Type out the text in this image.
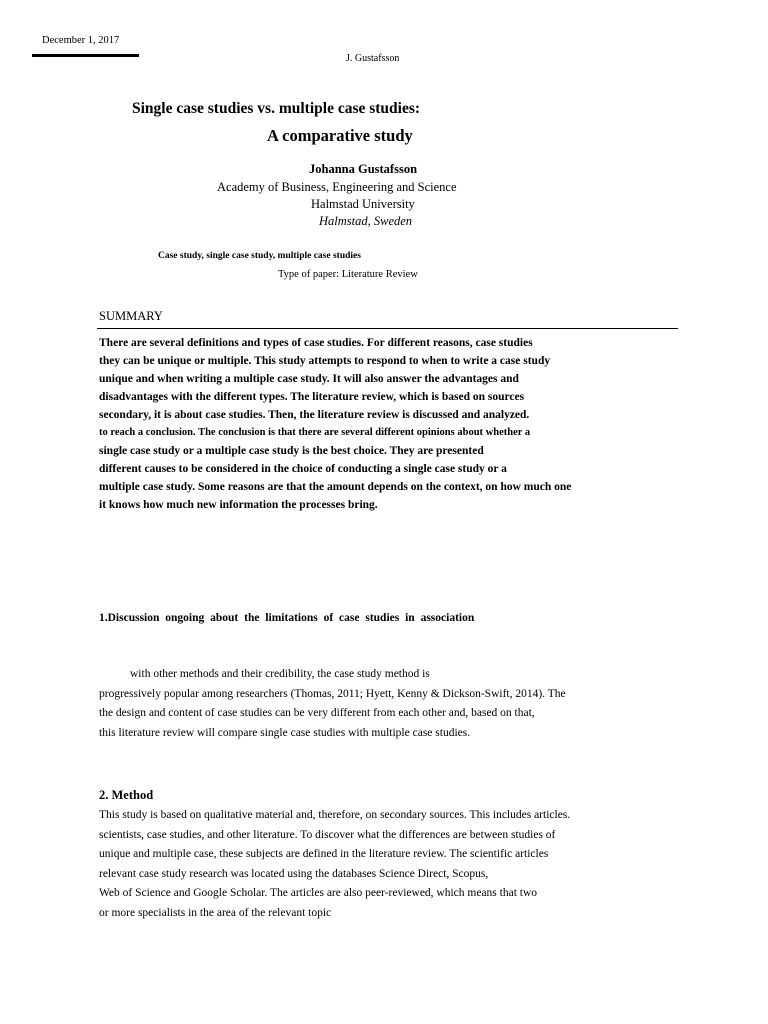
December 1, 2017
J. Gustafsson
Single case studies vs. multiple case studies:
A comparative study
Johanna Gustafsson
Academy of Business, Engineering and Science
Halmstad University
Halmstad, Sweden
Case study, single case study, multiple case studies
Type of paper: Literature Review
SUMMARY
There are several definitions and types of case studies. For different reasons, case studies
they can be unique or multiple. This study attempts to respond to when to write a case study
unique and when writing a multiple case study. It will also answer the advantages and
disadvantages with the different types. The literature review, which is based on sources
secondary, it is about case studies. Then, the literature review is discussed and analyzed.
to reach a conclusion. The conclusion is that there are several different opinions about whether a
single case study or a multiple case study is the best choice. They are presented
different causes to be considered in the choice of conducting a single case study or a
multiple case study. Some reasons are that the amount depends on the context, on how much one
it knows how much new information the processes bring.
1.Discussion ongoing about the limitations of case studies in association
with other methods and their credibility, the case study method is
progressively popular among researchers (Thomas, 2011; Hyett, Kenny & Dickson-Swift, 2014). The
the design and content of case studies can be very different from each other and, based on that,
this literature review will compare single case studies with multiple case studies.
2. Method
This study is based on qualitative material and, therefore, on secondary sources. This includes articles.
scientists, case studies, and other literature. To discover what the differences are between studies of
unique and multiple case, these subjects are defined in the literature review. The scientific articles
relevant case study research was located using the databases Science Direct, Scopus,
Web of Science and Google Scholar. The articles are also peer-reviewed, which means that two
or more specialists in the area of the relevant topic
